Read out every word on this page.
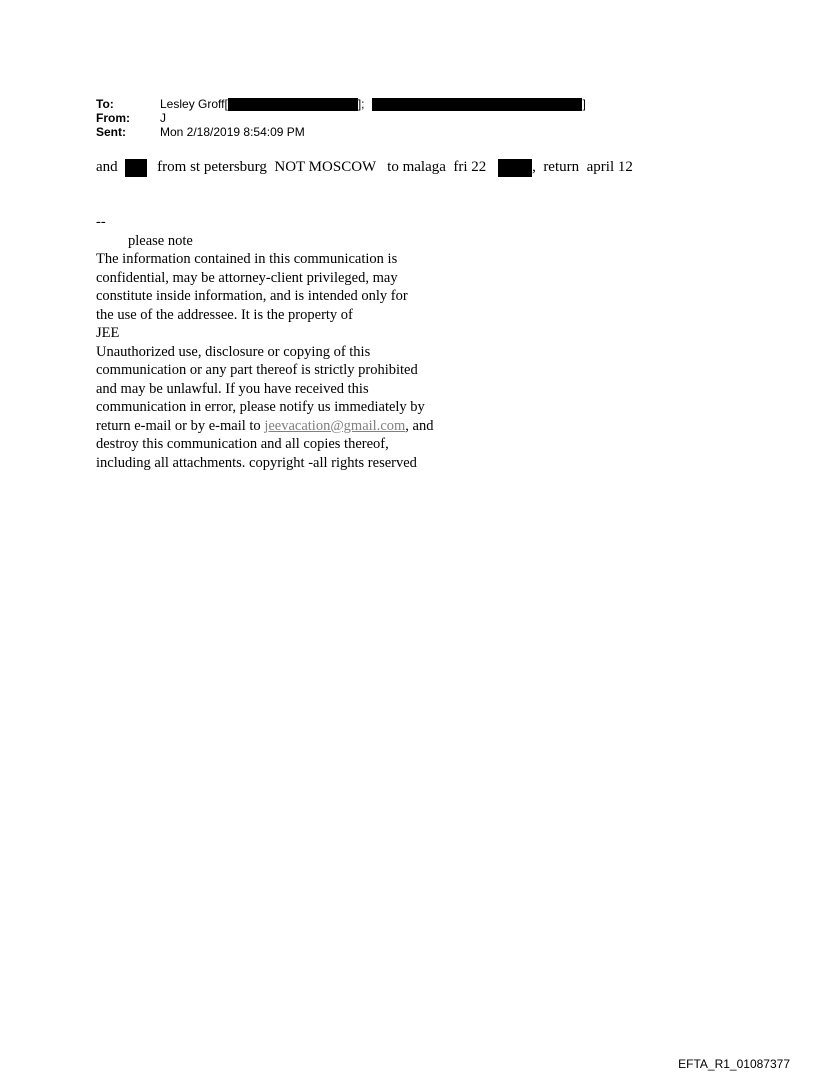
To:	Lesley Groff[	];	]
From:	J
Sent:	Mon 2/18/2019 8:54:09 PM
and	from st petersburg  NOT MOSCOW   to malaga  fri 22	,  return  april 12
--
please note
The information contained in this communication is
confidential, may be attorney-client privileged, may
constitute inside information, and is intended only for
the use of the addressee. It is the property of
JEE
Unauthorized use, disclosure or copying of this
communication or any part thereof is strictly prohibited
and may be unlawful. If you have received this
communication in error, please notify us immediately by
return e-mail or by e-mail to jeevacation@gmail.com, and
destroy this communication and all copies thereof,
including all attachments. copyright -all rights reserved
EFTA_R1_01087377
